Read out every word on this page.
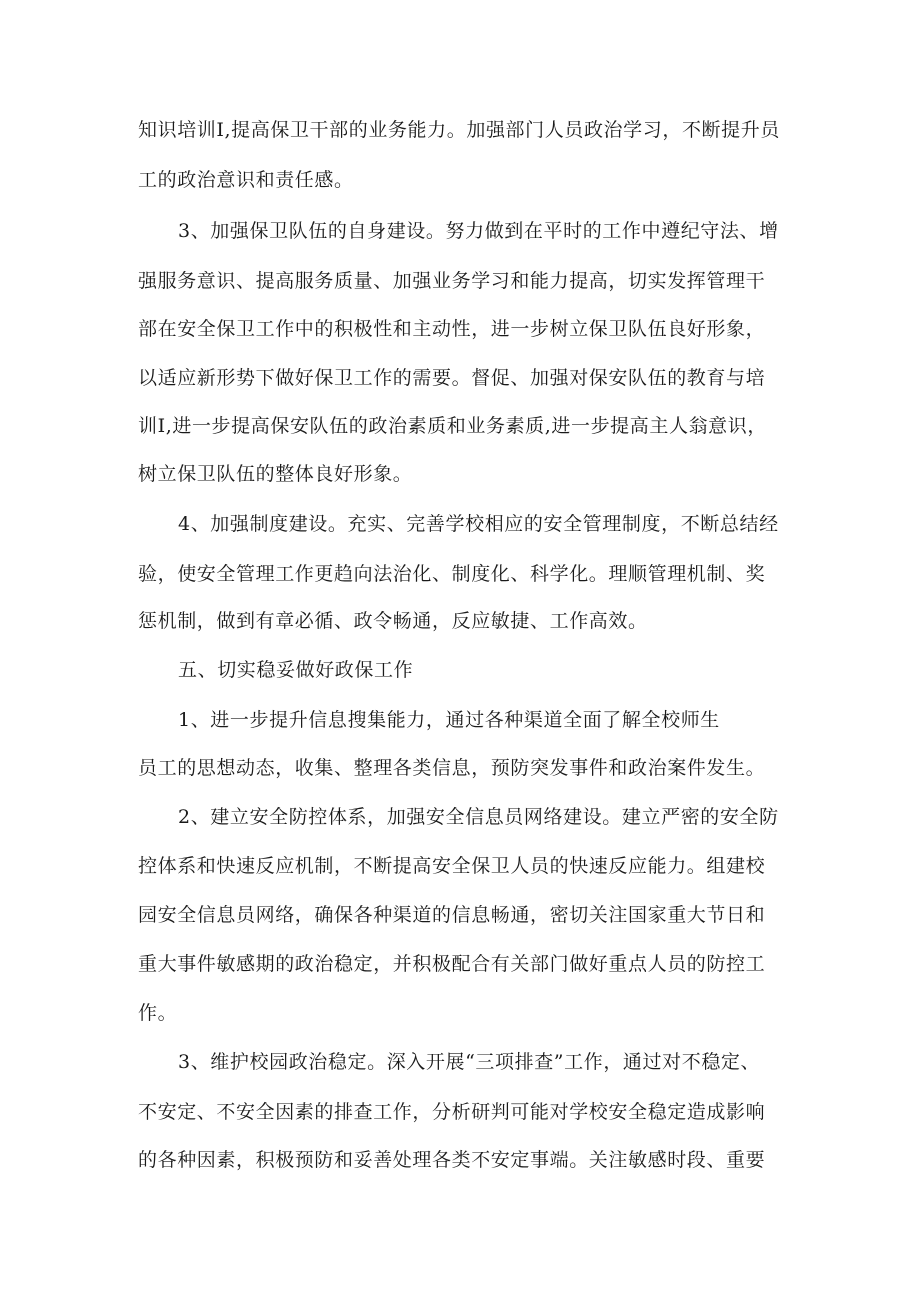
知识培训I,提高保卫干部的业务能力。加强部门人员政治学习，不断提升员
工的政治意识和责任感。
3、加强保卫队伍的自身建设。努力做到在平时的工作中遵纪守法、增
强服务意识、提高服务质量、加强业务学习和能力提高，切实发挥管理干
部在安全保卫工作中的积极性和主动性，进一步树立保卫队伍良好形象，
以适应新形势下做好保卫工作的需要。督促、加强对保安队伍的教育与培
训I,进一步提高保安队伍的政治素质和业务素质,进一步提高主人翁意识，
树立保卫队伍的整体良好形象。
4、加强制度建设。充实、完善学校相应的安全管理制度，不断总结经
验，使安全管理工作更趋向法治化、制度化、科学化。理顺管理机制、奖
惩机制，做到有章必循、政令畅通，反应敏捷、工作高效。
五、切实稳妥做好政保工作
1、进一步提升信息搜集能力，通过各种渠道全面了解全校师生
员工的思想动态，收集、整理各类信息，预防突发事件和政治案件发生。
2、建立安全防控体系，加强安全信息员网络建设。建立严密的安全防
控体系和快速反应机制，不断提高安全保卫人员的快速反应能力。组建校
园安全信息员网络，确保各种渠道的信息畅通，密切关注国家重大节日和
重大事件敏感期的政治稳定，并积极配合有关部门做好重点人员的防控工
作。
3、维护校园政治稳定。深入开展“三项排查”工作，通过对不稳定、
不安定、不安全因素的排查工作，分析研判可能对学校安全稳定造成影响
的各种因素，积极预防和妥善处理各类不安定事端。关注敏感时段、重要
